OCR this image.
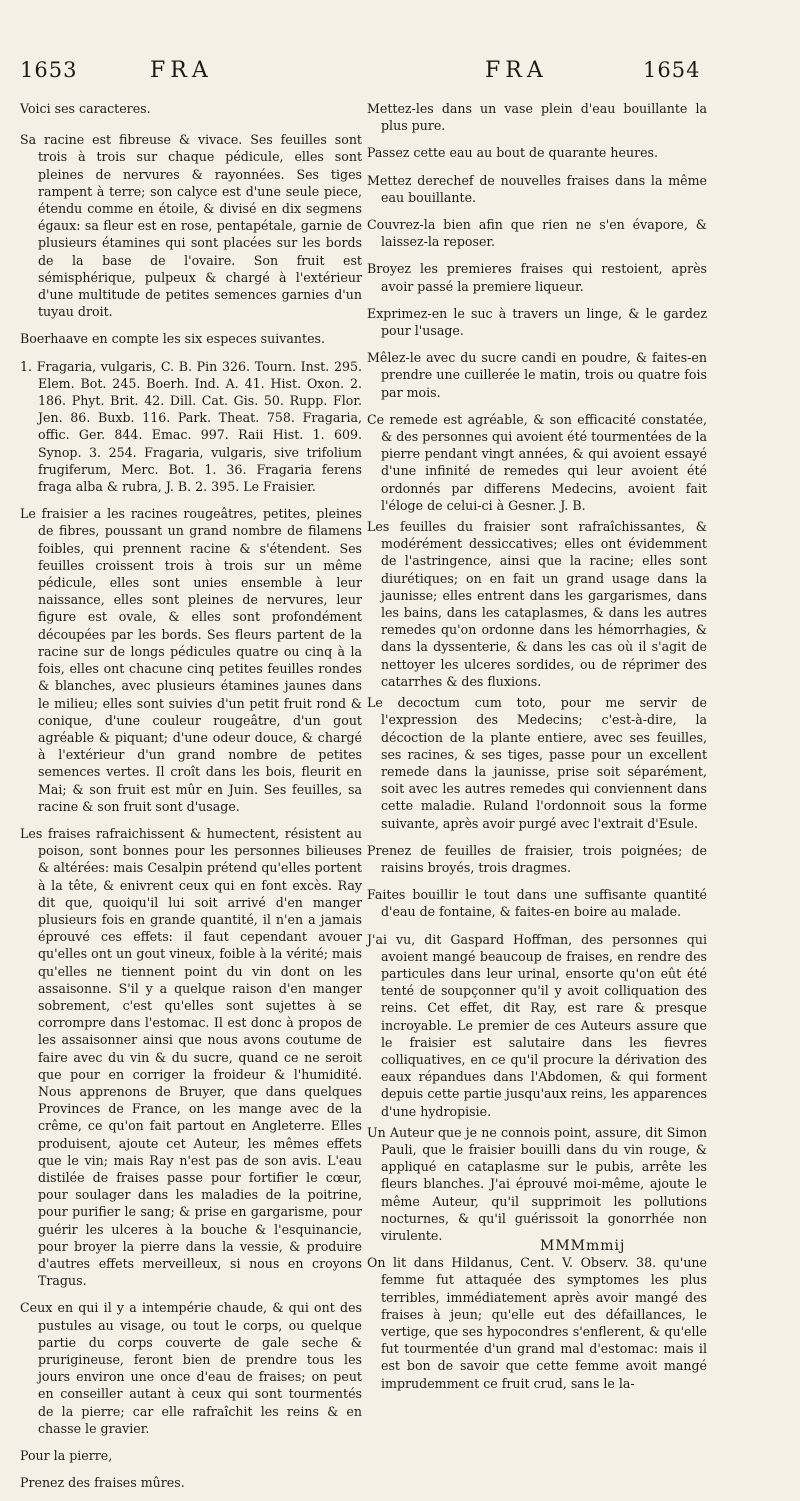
1653	FRA	FRA	1654

Voici ses caracteres.

Sa racine est fibreuse & vivace. Ses feuilles sont trois à trois sur chaque pédicule, elles sont pleines de nervures & rayonnées. Ses tiges rampent à terre; son calyce est d'une seule piece, étendu comme en étoile, & divisé en dix segmens égaux: sa fleur est en rose, pentapétale, garnie de plusieurs étamines qui sont placées sur les bords de la base de l'ovaire. Son fruit est sémisphérique, pulpeux & chargé à l'extérieur d'une multitude de petites semences garnies d'un tuyau droit.

Boerhaave en compte les six especes suivantes.

1. Fragaria, vulgaris, C. B. Pin 326. Tourn. Inst. 295. Elem. Bot. 245. Boerh. Ind. A. 41. Hist. Oxon. 2. 186. Phyt. Brit. 42. Dill. Cat. Gis. 50. Rupp. Flor. Jen. 86. Buxb. 116. Park. Theat. 758. Fragaria, offic. Ger. 844. Emac. 997. Raii Hist. 1. 609. Synop. 3. 254. Fragaria, vulgaris, sive trifolium frugiferum, Merc. Bot. 1. 36. Fragaria ferens fraga alba & rubra, J. B. 2. 395. Le Fraisier.

Le fraisier a les racines rougeâtres, petites, pleines de fibres, poussant un grand nombre de filamens foibles, qui prennent racine & s'étendent. Ses feuilles croissent trois à trois sur un même pédicule, elles sont unies ensemble à leur naissance, elles sont pleines de nervures, leur figure est ovale, & elles sont profondément découpées par les bords. Ses fleurs partent de la racine sur de longs pédicules quatre ou cinq à la fois, elles ont chacune cinq petites feuilles rondes & blanches, avec plusieurs étamines jaunes dans le milieu; elles sont suivies d'un petit fruit rond & conique, d'une couleur rougeâtre, d'un gout agréable & piquant; d'une odeur douce, & chargé à l'extérieur d'un grand nombre de petites semences vertes. Il croît dans les bois, fleurit en Mai; & son fruit est mûr en Juin. Ses feuilles, sa racine & son fruit sont d'usage.

Les fraises rafraichissent & humectent, résistent au poison, sont bonnes pour les personnes bilieuses & altérées: mais Cesalpin prétend qu'elles portent à la tête, & enivrent ceux qui en font excès. Ray dit que, quoiqu'il lui soit arrivé d'en manger plusieurs fois en grande quantité, il n'en a jamais éprouvé ces effets: il faut cependant avouer qu'elles ont un gout vineux, foible à la vérité; mais qu'elles ne tiennent point du vin dont on les assaisonne. S'il y a quelque raison d'en manger sobrement, c'est qu'elles sont sujettes à se corrompre dans l'estomac. Il est donc à propos de les assaisonner ainsi que nous avons coutume de faire avec du vin & du sucre, quand ce ne seroit que pour en corriger la froideur & l'humidité. Nous apprenons de Bruyer, que dans quelques Provinces de France, on les mange avec de la crême, ce qu'on fait partout en Angleterre. Elles produisent, ajoute cet Auteur, les mêmes effets que le vin; mais Ray n'est pas de son avis. L'eau distilée de fraises passe pour fortifier le cœur, pour soulager dans les maladies de la poitrine, pour purifier le sang; & prise en gargarisme, pour guérir les ulceres à la bouche & l'esquinancie, pour broyer la pierre dans la vessie, & produire d'autres effets merveilleux, si nous en croyons Tragus.

Ceux en qui il y a intempérie chaude, & qui ont des pustules au visage, ou tout le corps, ou quelque partie du corps couverte de gale seche & prurigineuse, feront bien de prendre tous les jours environ une once d'eau de fraises; on peut en conseiller autant à ceux qui sont tourmentés de la pierre; car elle rafraîchit les reins & en chasse le gravier.

Pour la pierre,

Prenez des fraises mûres.

Mettez-les dans un vase plein d'eau bouillante la plus pure.

Passez cette eau au bout de quarante heures.

Mettez derechef de nouvelles fraises dans la même eau bouillante.

Couvrez-la bien afin que rien ne s'en évapore, & laissez-la reposer.

Broyez les premieres fraises qui restoient, après avoir passé la premiere liqueur.

Exprimez-en le suc à travers un linge, & le gardez pour l'usage.

Mêlez-le avec du sucre candi en poudre, & faites-en prendre une cuillerée le matin, trois ou quatre fois par mois.

Ce remede est agréable, & son efficacité constatée, & des personnes qui avoient été tourmentées de la pierre pendant vingt années, & qui avoient essayé d'une infinité de remedes qui leur avoient été ordonnés par differens Medecins, avoient fait l'éloge de celui-ci à Gesner. J. B.

Les feuilles du fraisier sont rafraîchissantes, & modérément dessiccatives; elles ont évidemment de l'astringence, ainsi que la racine; elles sont diurétiques; on en fait un grand usage dans la jaunisse; elles entrent dans les gargarismes, dans les bains, dans les cataplasmes, & dans les autres remedes qu'on ordonne dans les hémorrhagies, & dans la dyssenterie, & dans les cas où il s'agit de nettoyer les ulceres sordides, ou de réprimer des catarrhes & des fluxions.

Le decoctum cum toto, pour me servir de l'expression des Medecins; c'est-à-dire, la décoction de la plante entiere, avec ses feuilles, ses racines, & ses tiges, passe pour un excellent remede dans la jaunisse, prise soit séparément, soit avec les autres remedes qui conviennent dans cette maladie. Ruland l'ordonnoit sous la forme suivante, après avoir purgé avec l'extrait d'Esule.

Prenez de feuilles de fraisier, trois poignées; de raisins broyés, trois dragmes.

Faites bouillir le tout dans une suffisante quantité d'eau de fontaine, & faites-en boire au malade.

J'ai vu, dit Gaspard Hoffman, des personnes qui avoient mangé beaucoup de fraises, en rendre des particules dans leur urinal, ensorte qu'on eût été tenté de soupçonner qu'il y avoit colliquation des reins. Cet effet, dit Ray, est rare & presque incroyable. Le premier de ces Auteurs assure que le fraisier est salutaire dans les fievres colliquatives, en ce qu'il procure la dérivation des eaux répandues dans l'Abdomen, & qui forment depuis cette partie jusqu'aux reins, les apparences d'une hydropisie.

Un Auteur que je ne connois point, assure, dit Simon Pauli, que le fraisier bouilli dans du vin rouge, & appliqué en cataplasme sur le pubis, arrête les fleurs blanches. J'ai éprouvé moi-même, ajoute le même Auteur, qu'il supprimoit les pollutions nocturnes, & qu'il guérissoit la gonorrhée non virulente.

On lit dans Hildanus, Cent. V. Observ. 38. qu'une femme fut attaquée des symptomes les plus terribles, immédiatement après avoir mangé des fraises à jeun; qu'elle eut des défaillances, le vertige, que ses hypocondres s'enflerent, & qu'elle fut tourmentée d'un grand mal d'estomac: mais il est bon de savoir que cette femme avoit mangé imprudemment ce fruit crud, sans le la-

MMMmmij
